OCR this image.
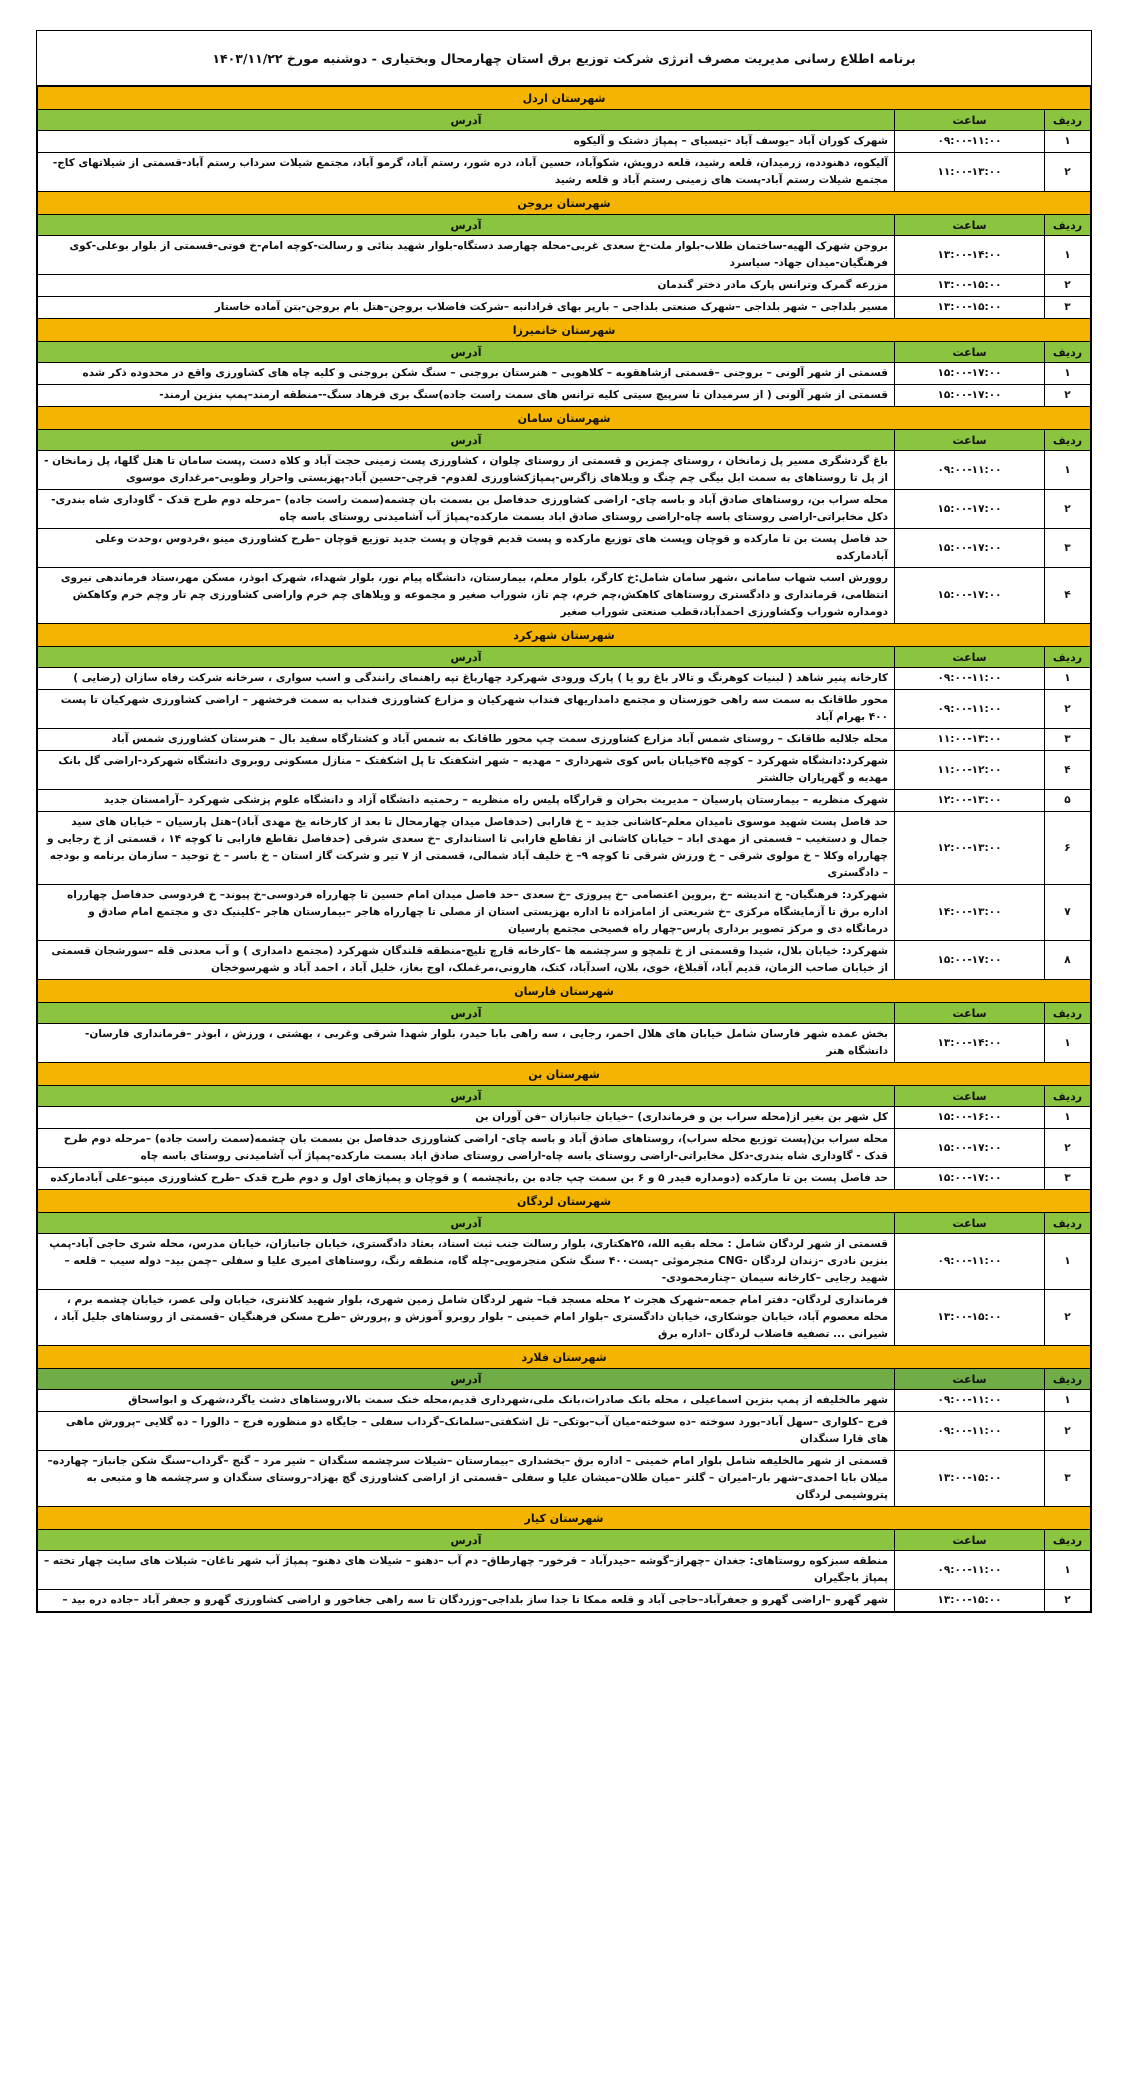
برنامه اطلاع رسانی مدیریت مصرف انرژی شرکت توزیع برق استان چهارمحال وبختیاری - دوشنبه مورخ ۱۴۰۳/۱۱/۲۲
شهرستان اردل		
ردیف	ساعت	آدرس
۱	۰۹:۰۰-۱۱:۰۰	شهرک کوران آباد –یوسف آباد -تیسیای – پمپاژ دشتک و آلیکوه
۲	۱۱:۰۰-۱۳:۰۰	آلیکوه، دهنودده، زرمیدان، قلعه رشید، قلعه درویش، شکوآباد، حسین آباد، دره شور، رستم آباد، گرمو آباد، مجتمع شیلات سرداب رستم آباد-قسمتی از شیلاتهای کاج- مجتمع شیلات رستم آباد-پست های زمینی رستم آباد و قلعه رشید
شهرستان بروجن		
ردیف	ساعت	آدرس
۱	۱۳:۰۰-۱۴:۰۰	بروجن شهرک الهیه-ساختمان طلاب-بلوار ملت-خ سعدی غربی-محله چهارصد دستگاه-بلوار شهید بنائی و رسالت-کوچه امام-خ فوتی-قسمتی از بلوار بوعلی-کوی فرهنگیان-میدان جهاد- سیاسرد
۲	۱۳:۰۰-۱۵:۰۰	مزرعه گمرک وترانس پارک مادر دختر گندمان
۳	۱۳:۰۰-۱۵:۰۰	مسیر بلداجی – شهر بلداجی –شهرک صنعتی بلداجی – بارپر بهای قرادانبه –شرکت فاضلاب بروجن–هتل بام بروجن-بتن آماده خاستار
شهرستان خانمیرزا		
ردیف	ساعت	آدرس
۱	۱۵:۰۰-۱۷:۰۰	قسمتی از شهر آلونی – بروجنی –قسمتی ازشاهقوبه – کلاهوبی – هنرستان بروجنی – سنگ شکن بروجنی و کلیه چاه های کشاورزی واقع در محدوده ذکر شده
۲	۱۵:۰۰-۱۷:۰۰	قسمتی از شهر آلونی ( از سرمیدان تا سرپیچ سیتی کلیه ترانس های سمت راست جاده)سنگ بری فرهاد سنگ--منطقه ارمند–پمپ بنزین ارمند-
شهرستان سامان		
ردیف	ساعت	آدرس
۱	۰۹:۰۰-۱۱:۰۰	باغ گردشگری مسیر پل زمانخان ، روستای چمزین و قسمتی از روستای چلوان ، کشاورزی پست زمینی حجت آباد و کلاه دست ,پست سامان تا هتل گلها، پل زمانخان - از پل تا روستاهای به سمت ابل بیگی چم چنگ و ویلاهای زاگرس-پمپاژکشاورزی لفدوم- قرچی-حسین آباد-پهزبستی واحرار وطوبی-مرغداری موسوی
۲	۱۵:۰۰-۱۷:۰۰	محله سراب بن، روستاهای صادق آباد و باسه چای- اراضی کشاورزی حدفاصل بن بسمت بان چشمه(سمت راست جاده) –مرحله دوم طرح قدک - گاودارى شاه بندری- دکل مخابراتی-اراضی روستای باسه چاه-اراضی روستای صادق اباد بسمت مارکده-پمپاژ آب آشامیدنی روستای باسه چاه
۳	۱۵:۰۰-۱۷:۰۰	حد فاصل پست بن تا مارکده و قوچان وپست های توزیع مارکده و پست قدیم قوچان و پست جدید توزیع قوچان –طرح کشاورزی مینو ،فردوس ،وحدت وعلی آبادمارکده
۴	۱۵:۰۰-۱۷:۰۰	روورش اسب شهاب سامانی ،شهر سامان شامل:خ کارگر، بلوار معلم، بیمارستان، دانشگاه پیام نور، بلوار شهداء، شهرک ابوذر، مسکن مهر،ستاد فرماندهی نیروی انتظامی، قرمانداری و دادگستری روستاهای کاهکش،چم خرم، چم تاز، شوراب صغیر و مجموعه و ویلاهای چم خرم واراضی کشاورزی چم تار وچم خرم وکاهکش دومداره شوراب وکشاورزی احمدآباد،قطب صنعتی شوراب صغیر
شهرستان شهرکرد		
ردیف	ساعت	آدرس
۱	۰۹:۰۰-۱۱:۰۰	کارخانه پنیر شاهد ( لبنیات کوهرنگ و تالار باغ رو یا ) پارک ورودی شهرکرد چهارباغ تپه راهنمای رانندگی و اسب سواری ، سرخانه شرکت رفاه سازان (رضایی )
۲	۰۹:۰۰-۱۱:۰۰	محور طاقانک به سمت سه راهی خوزستان و مجتمع دامداریهای فنداب شهرکیان و مزارع کشاورزی فنداب به سمت فرخشهر – اراضی کشاورزی شهرکیان تا پست ۴۰۰ بهرام آباد
۳	۱۱:۰۰-۱۳:۰۰	محله جلالیه طاقانک – روستای شمس آباد مزارع کشاورزی سمت چپ محور طاقانک به شمس آباد و کشتارگاه سفید بال – هنرستان کشاورزی شمس آباد
۴	۱۱:۰۰-۱۲:۰۰	شهرکرد:دانشگاه شهرکرد – کوچه ۴۵خیابان باس کوی شهرداری – مهدیه – شهر اشکفتک تا پل اشکفتک – منازل مسکونی روبروی دانشگاه شهرکرد-اراضی گل بانک مهدیه و گهرپاران جالشتر
۵	۱۲:۰۰-۱۳:۰۰	شهرک منظریه – بیمارستان پارسیان – مدیریت بحران و قرارگاه پلیس راه منظریه – رحمتیه دانشگاه آزاد و دانشگاه علوم پزشکی شهرکرد –آرامستان جدید
۶	۱۲:۰۰-۱۳:۰۰	حد فاصل پست شهید موسوی تامیدان معلم–کاشانی جدید – خ فارابی (حدفاصل میدان چهارمحال تا بعد از کارخانه یخ مهدی آباد)–هتل پارسیان – خیابان های سید جمال و دستغیب – قسمتی از مهدی اباد – خیابان کاشانی از تقاطع فارابی تا استانداری –خ سعدی شرقی (حدفاصل تقاطع فارابی تا کوچه ۱۴ ، قسمتی از خ رجایی و چهارراه وکلا – خ مولوی شرقی – خ ورزش شرقی تا کوچه ۹– خ خلیف آباد شمالی، قسمتی از ۷ تیر و شرکت گاز استان – خ باسر – خ توحید – سازمان برنامه و بودجه – دادگستری
۷	۱۴:۰۰-۱۳:۰۰	شهرکرد: فرهنگیان- خ اندیشه –خ ,بروین اعتصامی –خ پیروزی –خ سعدی –حد فاصل میدان امام حسین تا چهارراه فردوسی–خ پیوند– خ فردوسی حدفاصل چهارراه اداره برق تا آزمایشگاه مرکزی –خ شریعتی از امامزاده تا اداره بهزیستی استان از مصلی تا چهارراه هاجر –بیمارستان هاجر –کلینیک دی و مجتمع امام صادق و درمانگاه دی و مرکز تصویر برداری پارس–چهار راه فصیحی مجتمع پارسیان
۸	۱۵:۰۰-۱۷:۰۰	شهرکرد: خیابان بلال، شیدا وقسمتی از خ تلمچو و سرچشمه ها –کارخانه قارچ تلیچ-منطقه قلندگان شهرکرد (مجتمع دامداری ) و آب معدنی قله –سورشجان قسمتی از خیابان صاحب الزمان، قدیم آباد، آقبلاغ، خوی، بلان، اسدآباد، کتک، هارونی،مرغملک، اوج بغاز، خلیل آباد ، احمد آباد و شهرسوخجان
شهرستان فارسان		
ردیف	ساعت	آدرس
۱	۱۳:۰۰-۱۴:۰۰	بخش عمده شهر فارسان شامل خیابان های هلال احمر، رجایی ، سه راهی بابا حیدر، بلوار شهدا شرقی وغربی ، بهشتی ، ورزش ، ابوذر –فرمانداری فارسان- دانشگاه هنر
شهرستان بن		
ردیف	ساعت	آدرس
۱	۱۵:۰۰-۱۶:۰۰	کل شهر بن بغیر از(محله سراب بن و فرمانداری) –خیابان جانبازان –فن آوران بن
۲	۱۵:۰۰-۱۷:۰۰	محله سراب بن(پست توزیع محله سراب)، روستاهای صادق آباد و باسه چای- اراضی کشاورزی حدفاصل بن بسمت بان چشمه(سمت راست جاده) –مرحله دوم طرح قدک - گاودارى شاه بندری-دکل مخابراتی-اراضی روستای باسه چاه-اراضی روستای صادق اباد بسمت مارکده-پمپاژ آب آشامیدنی روستای باسه چاه
۳	۱۵:۰۰-۱۷:۰۰	حد فاصل پست بن تا مارکده (دومداره فیدر ۵ و ۶ بن سمت چپ جاده بن ,بانچشمه ) و قوچان و پمپاژهای اول و دوم طرح قدک –طرح کشاورزی مینو–علی آبادمارکده
شهرستان لردگان		
ردیف	ساعت	آدرس
۱	۰۹:۰۰-۱۱:۰۰	قسمتی از شهر لردگان شامل : محله بقیه الله، ۲۵هکتاری، بلوار رسالت جنب ثبت اسناد، بعثاد دادگستری، خیابان جانبازان، خیابان مدرس، محله شری حاجی آباد-پمپ بنزین نادری –زندان لردگان -CNG منجرموئی -پست۴۰۰ سنگ شکن منجرمویی-چله گاه، منطقه رنگ، روستاهای امیری علیا و سفلی –چمن بید– دوله سیب – قلعه – شهید رجایی –کارخانه سیمان –چنارمحمودی-
۲	۱۳:۰۰-۱۵:۰۰	فرمانداری لردگان- دفتر امام جمعه–شهرک هجرت ۲ محله مسجد قبا– شهر لردگان شامل زمین شهری، بلوار شهید کلانتری، خیابان ولی عصر، خیابان چشمه برم ، محله معصوم آباد، خیابان جوشکاری، خیابان دادگستری –بلوار امام خمینی – بلوار روبرو آموزش و ,پرورش –طرح مسکن فرهنگیان –قسمتی از روستاهای جلیل آباد ، شیرانی ... تصفیه فاضلاب لردگان –اداره برق
شهرستان فلارد		
ردیف	ساعت	آدرس
۱	۰۹:۰۰-۱۱:۰۰	شهر مالخلیفه از پمپ بنزین اسماعیلی ، محله بانک صادرات،بانک ملی،شهرداری قدیم،محله خنک سمت بالا،روستاهای دشت یاگرد،شهرک و ابواسحاق
۲	۰۹:۰۰-۱۱:۰۰	فرج –کلواری –سهل آباد–بورد سوخته –ده سوخته-میان آب–بوتکی– تل اشکفتی–سلمانک–گرداب سفلی – جایگاه دو منظوره فرج – دالورا – ده گلایی –پرورش ماهی های قارا سنگدان
۳	۱۳:۰۰-۱۵:۰۰	قسمتی از شهر مالخلیفه شامل بلوار امام خمینی – اداره برق –بخشداری –بیمارستان –شیلات سرچشمه سنگدان – شیر مرد – گنج –گرداب–سنگ شکن جانباز– چهارده–میلان بابا احمدی–شهر بار–امیران – گلتر –میان طلان–میشان علیا و سفلی –قسمتی از اراضی کشاورزی گچ بهزاد–روستای سنگدان و سرچشمه ها و متبعی به پتروشیمی لردگان
شهرستان کیار		
ردیف	ساعت	آدرس
۱	۰۹:۰۰-۱۱:۰۰	منطقه سبزکوه روستاهای: جغدان –چهراز–گوشه –حیدرآباد – قرخور– چهارطاق– دم آب –دهنو – شیلات های دهنو– پمپاژ آب شهر ناغان– شیلات های سایت چهار تخته – پمپاژ باجگیران
۲	۱۳:۰۰-۱۵:۰۰	شهر گهرو –اراضی گهرو و جعفرآباد–حاجی آباد و قلعه ممکا تا جدا ساز بلداجی–وزردگان تا سه راهی جغاخور و اراضی کشاورزی گهرو و جعفر آباد –جاده دره بید –
